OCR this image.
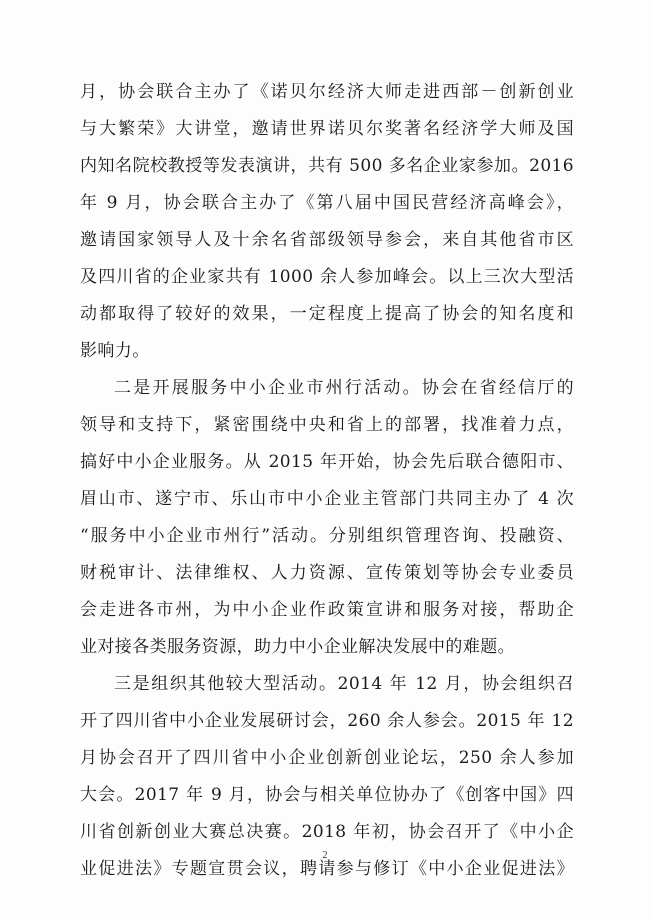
月，协会联合主办了《诺贝尔经济大师走进西部－创新创业
与大繁荣》大讲堂，邀请世界诺贝尔奖著名经济学大师及国
内知名院校教授等发表演讲，共有 500 多名企业家参加。2016
年 9 月，协会联合主办了《第八届中国民营经济高峰会》，
邀请国家领导人及十余名省部级领导参会，来自其他省市区
及四川省的企业家共有 1000 余人参加峰会。以上三次大型活
动都取得了较好的效果，一定程度上提高了协会的知名度和
影响力。
二是开展服务中小企业市州行活动。协会在省经信厅的
领导和支持下，紧密围绕中央和省上的部署，找准着力点，
搞好中小企业服务。从 2015 年开始，协会先后联合德阳市、
眉山市、遂宁市、乐山市中小企业主管部门共同主办了 4 次
“服务中小企业市州行”活动。分别组织管理咨询、投融资、
财税审计、法律维权、人力资源、宣传策划等协会专业委员
会走进各市州，为中小企业作政策宣讲和服务对接，帮助企
业对接各类服务资源，助力中小企业解决发展中的难题。
三是组织其他较大型活动。2014 年 12 月，协会组织召
开了四川省中小企业发展研讨会，260 余人参会。2015 年 12
月协会召开了四川省中小企业创新创业论坛，250 余人参加
大会。2017 年 9 月，协会与相关单位协办了《创客中国》四
川省创新创业大赛总决赛。2018 年初，协会召开了《中小企
业促进法》专题宣贯会议，聘请参与修订《中小企业促进法》
2
